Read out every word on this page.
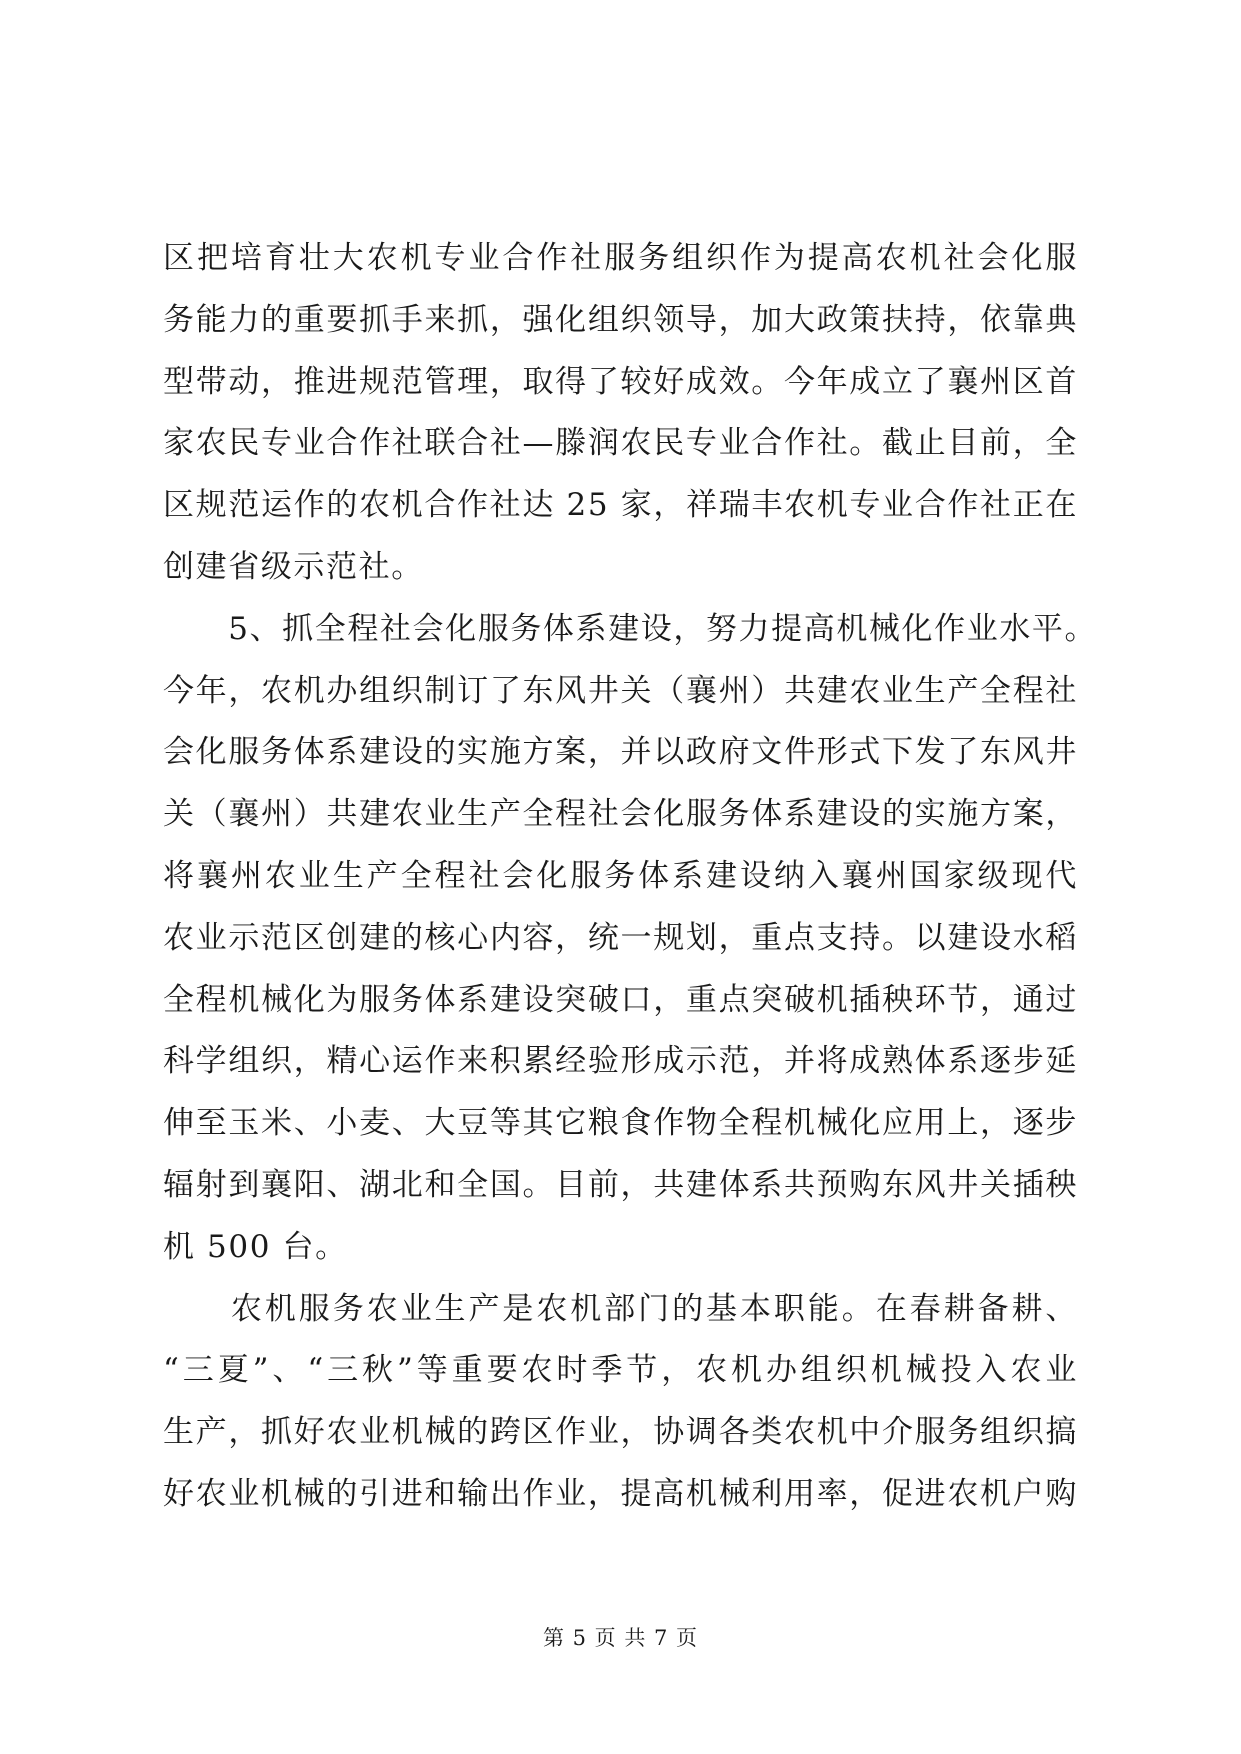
区把培育壮大农机专业合作社服务组织作为提高农机社会化服
务能力的重要抓手来抓，强化组织领导，加大政策扶持，依靠典
型带动，推进规范管理，取得了较好成效。今年成立了襄州区首
家农民专业合作社联合社—滕润农民专业合作社。截止目前，全
区规范运作的农机合作社达 25 家，祥瑞丰农机专业合作社正在
创建省级示范社。
　　5、抓全程社会化服务体系建设，努力提高机械化作业水平。
今年，农机办组织制订了东风井关（襄州）共建农业生产全程社
会化服务体系建设的实施方案，并以政府文件形式下发了东风井
关（襄州）共建农业生产全程社会化服务体系建设的实施方案，
将襄州农业生产全程社会化服务体系建设纳入襄州国家级现代
农业示范区创建的核心内容，统一规划，重点支持。以建设水稻
全程机械化为服务体系建设突破口，重点突破机插秧环节，通过
科学组织，精心运作来积累经验形成示范，并将成熟体系逐步延
伸至玉米、小麦、大豆等其它粮食作物全程机械化应用上，逐步
辐射到襄阳、湖北和全国。目前，共建体系共预购东风井关插秧
机 500 台。
　　农机服务农业生产是农机部门的基本职能。在春耕备耕、
“三夏”、“三秋”等重要农时季节，农机办组织机械投入农业
生产，抓好农业机械的跨区作业，协调各类农机中介服务组织搞
好农业机械的引进和输出作业，提高机械利用率，促进农机户购
第 5 页 共 7 页
